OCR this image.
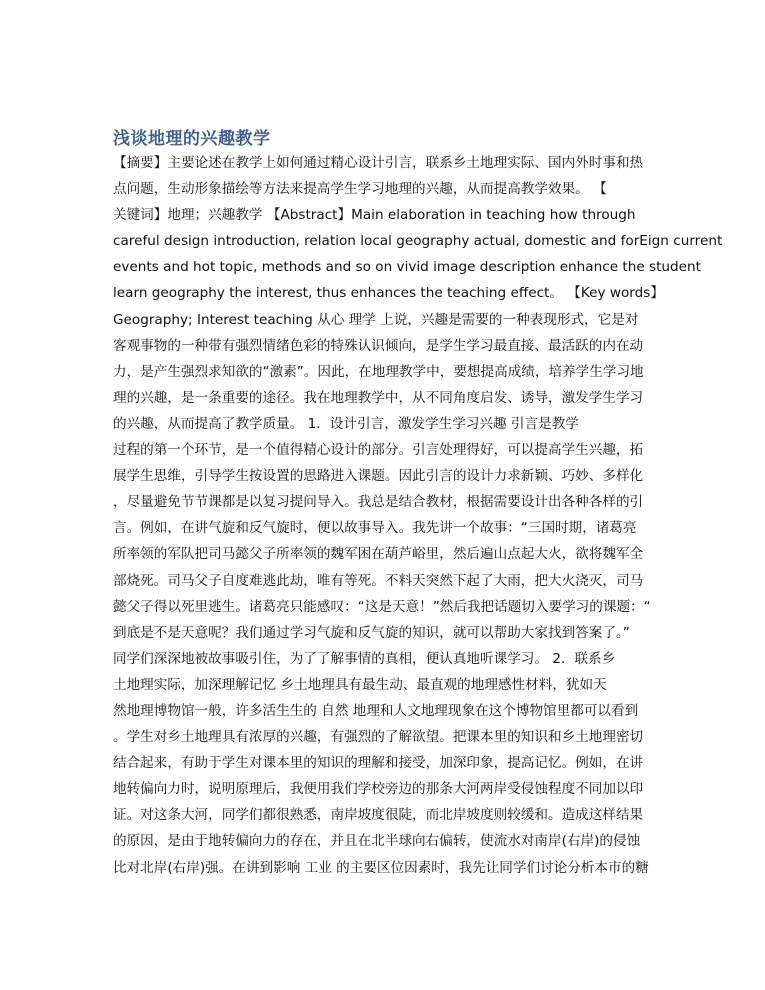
浅谈地理的兴趣教学
【摘要】主要论述在教学上如何通过精心设计引言，联系乡土地理实际、国内外时事和热
点问题，生动形象描绘等方法来提高学生学习地理的兴趣，从而提高教学效果。 【
关键词】地理；兴趣教学 【Abstract】Main elaboration in teaching how through
careful design introduction, relation local geography actual, domestic and forEign current
events and hot topic, methods and so on vivid image description enhance the student
learn geography the interest, thus enhances the teaching effect。 【Key words】
Geography; Interest teaching 从心 理学 上说，兴趣是需要的一种表现形式，它是对
客观事物的一种带有强烈情绪色彩的特殊认识倾向，是学生学习最直接、最活跃的内在动
力，是产生强烈求知欲的“激素”。因此，在地理教学中，要想提高成绩，培养学生学习地
理的兴趣，是一条重要的途径。我在地理教学中，从不同角度启发、诱导，激发学生学习
的兴趣，从而提高了教学质量。 1．设计引言，激发学生学习兴趣 引言是教学
过程的第一个环节，是一个值得精心设计的部分。引言处理得好，可以提高学生兴趣，拓
展学生思维，引导学生按设置的思路进入课题。因此引言的设计力求新颖、巧妙、多样化
，尽量避免节节课都是以复习提问导入。我总是结合教材，根据需要设计出各种各样的引
言。例如，在讲气旋和反气旋时，便以故事导入。我先讲一个故事：“三国时期，诸葛亮
所率领的军队把司马懿父子所率领的魏军困在葫芦峪里，然后遍山点起大火，欲将魏军全
部烧死。司马父子自度难逃此劫，唯有等死。不料天突然下起了大雨，把大火浇灭，司马
懿父子得以死里逃生。诸葛亮只能感叹：“这是天意！”然后我把话题切入要学习的课题：“
到底是不是天意呢？我们通过学习气旋和反气旋的知识，就可以帮助大家找到答案了。”
同学们深深地被故事吸引住，为了了解事情的真相，便认真地听课学习。 2．联系乡
土地理实际，加深理解记忆 乡土地理具有最生动、最直观的地理感性材料，犹如天
然地理博物馆一般，许多活生生的 自然 地理和人文地理现象在这个博物馆里都可以看到
。学生对乡土地理具有浓厚的兴趣，有强烈的了解欲望。把课本里的知识和乡土地理密切
结合起来，有助于学生对课本里的知识的理解和接受，加深印象，提高记忆。例如，在讲
地转偏向力时，说明原理后，我便用我们学校旁边的那条大河两岸受侵蚀程度不同加以印
证。对这条大河，同学们都很熟悉，南岸坡度很陡，而北岸坡度则较缓和。造成这样结果
的原因，是由于地转偏向力的存在，并且在北半球向右偏转，使流水对南岸(右岸)的侵蚀
比对北岸(右岸)强。在讲到影响 工业 的主要区位因素时，我先让同学们讨论分析本市的糖
